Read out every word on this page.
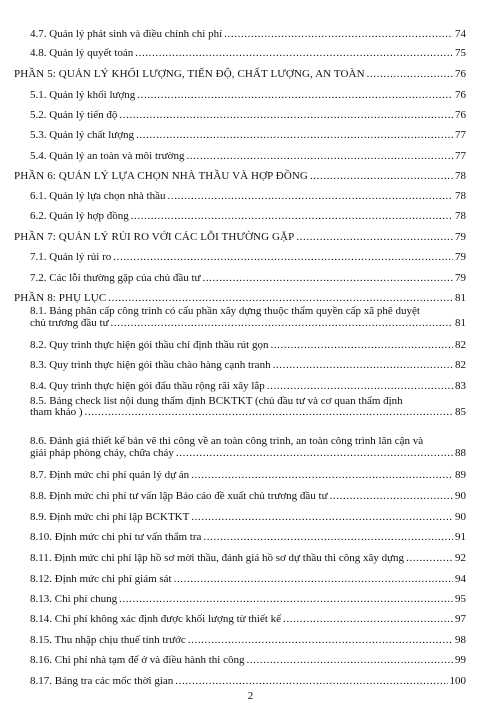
4.7. Quản lý phát sinh và điều chỉnh chi phí .....	74
4.8. Quản lý quyết toán .....	75
PHẦN 5: QUẢN LÝ KHỐI LƯỢNG, TIẾN ĐỘ, CHẤT LƯỢNG, AN TOÀN .....	76
5.1. Quản lý khối lượng .....	76
5.2. Quản lý tiến độ .....	76
5.3. Quản lý chất lượng .....	77
5.4. Quản lý an toàn và môi trường .....	77
PHẦN 6: QUẢN LÝ LỰA CHỌN NHÀ THẦU VÀ HỢP ĐỒNG .....	78
6.1. Quản lý lựa chọn nhà thầu .....	78
6.2. Quản lý hợp đồng .....	78
PHẦN 7: QUẢN LÝ RỦI RO VỚI CÁC LỖI THƯỜNG GẶP .....	79
7.1. Quản lý rủi ro .....	79
7.2. Các lỗi thường gặp của chủ đầu tư .....	79
PHẦN 8: PHỤ LỤC .....	81
8.1. Bảng phân cấp công trình có cấu phần xây dựng thuộc thẩm quyền cấp xã phê duyệt
chủ trương đầu tư .....	81
8.2. Quy trình thực hiện gói thầu chỉ định thầu rút gọn .....	82
8.3. Quy trình thực hiện gói thầu chào hàng cạnh tranh .....	82
8.4. Quy trình thực hiện gói đấu thầu rộng rãi xây lắp .....	83
8.5. Bảng check list nội dung thẩm định BCKTKT (chủ đầu tư và cơ quan thẩm định
tham khảo ) .....	85
8.6. Đánh giá thiết kế bản vẽ thi công về an toàn công trình, an toàn công trình lân cận và
giải pháp phòng cháy, chữa cháy .....	88
8.7. Định mức chi phí quản lý dự án .....	89
8.8. Định mức chi phí tư vấn lập Báo cáo đề xuất chủ trương đầu tư .....	90
8.9. Định mức chi phí lập BCKTKT .....	90
8.10. Định mức chi phí tư vấn thẩm tra .....	91
8.11. Định mức chi phí lập hồ sơ mời thầu, đánh giá hồ sơ dự thầu thi công xây dựng .....	92
8.12. Định mức chi phí giám sát .....	94
8.13. Chi phí chung .....	95
8.14. Chi phí không xác định được khối lượng từ thiết kế .....	97
8.15. Thu nhập chịu thuế tính trước .....	98
8.16. Chi phí nhà tạm để ở và điều hành thi công .....	99
8.17. Bảng tra các mốc thời gian .....	100
2
